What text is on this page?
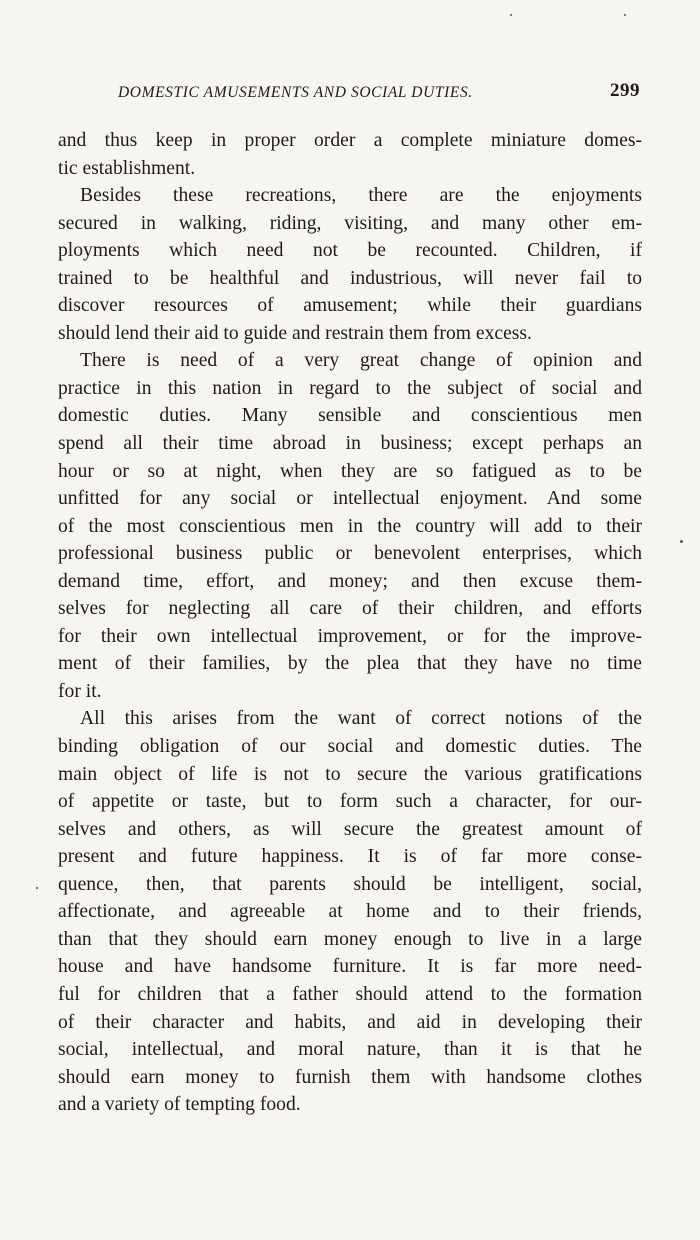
DOMESTIC AMUSEMENTS AND SOCIAL DUTIES.	299
and thus keep in proper order a complete miniature domes-
tic establishment.
Besides these recreations, there are the enjoyments
secured in walking, riding, visiting, and many other em-
ployments which need not be recounted. Children, if
trained to be healthful and industrious, will never fail to
discover resources of amusement; while their guardians
should lend their aid to guide and restrain them from excess.
There is need of a very great change of opinion and
practice in this nation in regard to the subject of social and
domestic duties. Many sensible and conscientious men
spend all their time abroad in business; except perhaps an
hour or so at night, when they are so fatigued as to be
unfitted for any social or intellectual enjoyment. And some
of the most conscientious men in the country will add to their
professional business public or benevolent enterprises, which
demand time, effort, and money; and then excuse them-
selves for neglecting all care of their children, and efforts
for their own intellectual improvement, or for the improve-
ment of their families, by the plea that they have no time
for it.
All this arises from the want of correct notions of the
binding obligation of our social and domestic duties. The
main object of life is not to secure the various gratifications
of appetite or taste, but to form such a character, for our-
selves and others, as will secure the greatest amount of
present and future happiness. It is of far more conse-
quence, then, that parents should be intelligent, social,
affectionate, and agreeable at home and to their friends,
than that they should earn money enough to live in a large
house and have handsome furniture. It is far more need-
ful for children that a father should attend to the formation
of their character and habits, and aid in developing their
social, intellectual, and moral nature, than it is that he
should earn money to furnish them with handsome clothes
and a variety of tempting food.
